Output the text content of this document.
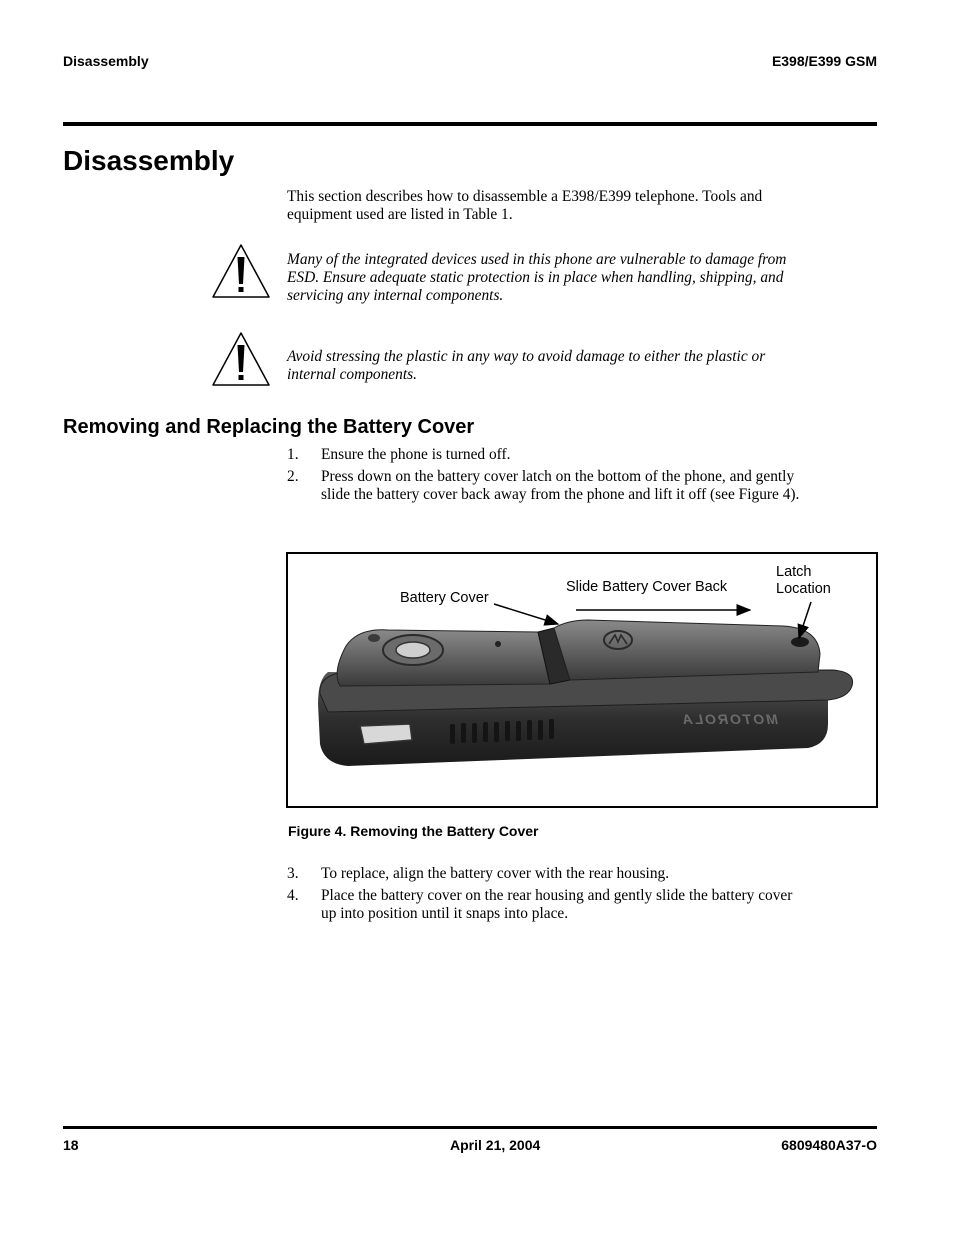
Disassembly	E398/E399 GSM
Disassembly
This section describes how to disassemble a E398/E399 telephone. Tools and
equipment used are listed in Table 1.
Many of the integrated devices used in this phone are vulnerable to damage from
ESD. Ensure adequate static protection is in place when handling, shipping, and
servicing any internal components.
Avoid stressing the plastic in any way to avoid damage to either the plastic or
internal components.
Removing and Replacing the Battery Cover
1. Ensure the phone is turned off.
2. Press down on the battery cover latch on the bottom of the phone, and gently
slide the battery cover back away from the phone and lift it off (see Figure 4).
Battery Cover
Slide Battery Cover Back
Latch
Location
MOTOROLA
Figure 4. Removing the Battery Cover
3. To replace, align the battery cover with the rear housing.
4. Place the battery cover on the rear housing and gently slide the battery cover
up into position until it snaps into place.
18	April 21, 2004	6809480A37-O
